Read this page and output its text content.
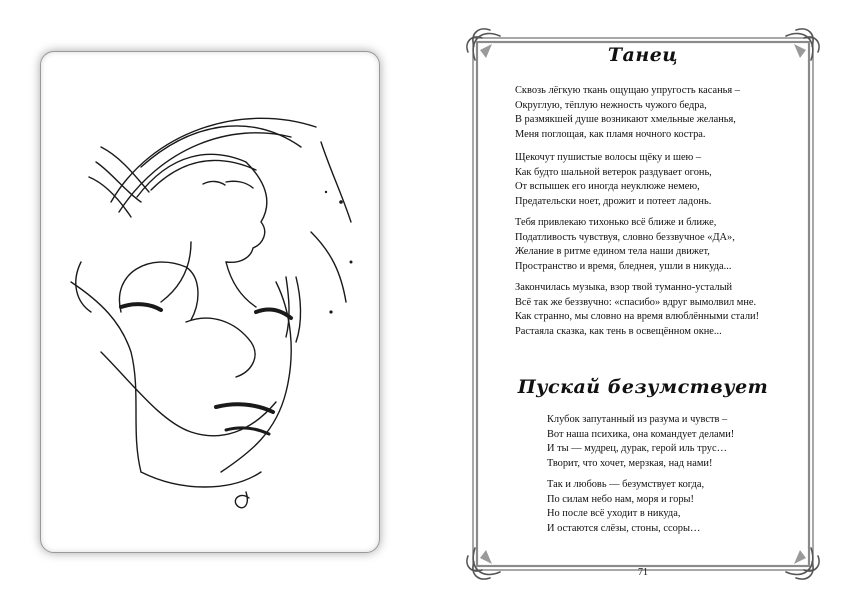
Танец
Сквозь лёгкую ткань ощущаю упругость касанья –
Округлую, тёплую нежность чужого бедра,
В размякшей душе возникают хмельные желанья,
Меня поглощая, как пламя ночного костра.
Щекочут пушистые волосы щёку и шею –
Как будто шальной ветерок раздувает огонь,
От вспышек его иногда неуклюже немею,
Предательски ноет, дрожит и потеет ладонь.
Тебя привлекаю тихонько всё ближе и ближе,
Податливость чувствуя, словно беззвучное «ДА»,
Желание в ритме едином тела наши движет,
Пространство и время, бледнея, ушли в никуда...
Закончилась музыка, взор твой туманно-усталый
Всё так же беззвучно: «спасибо» вдруг вымолвил мне.
Как странно, мы словно на время влюблёнными стали!
Растаяла сказка, как тень в освещённом окне...
Пускай безумствует
Клубок запутанный из разума и чувств –
Вот наша психика, она командует делами!
И ты — мудрец, дурак, герой иль трус…
Творит, что хочет, мерзкая, над нами!
Так и любовь — безумствует когда,
По силам небо нам, моря и горы!
Но после всё уходит в никуда,
И остаются слёзы, стоны, ссоры…
71
